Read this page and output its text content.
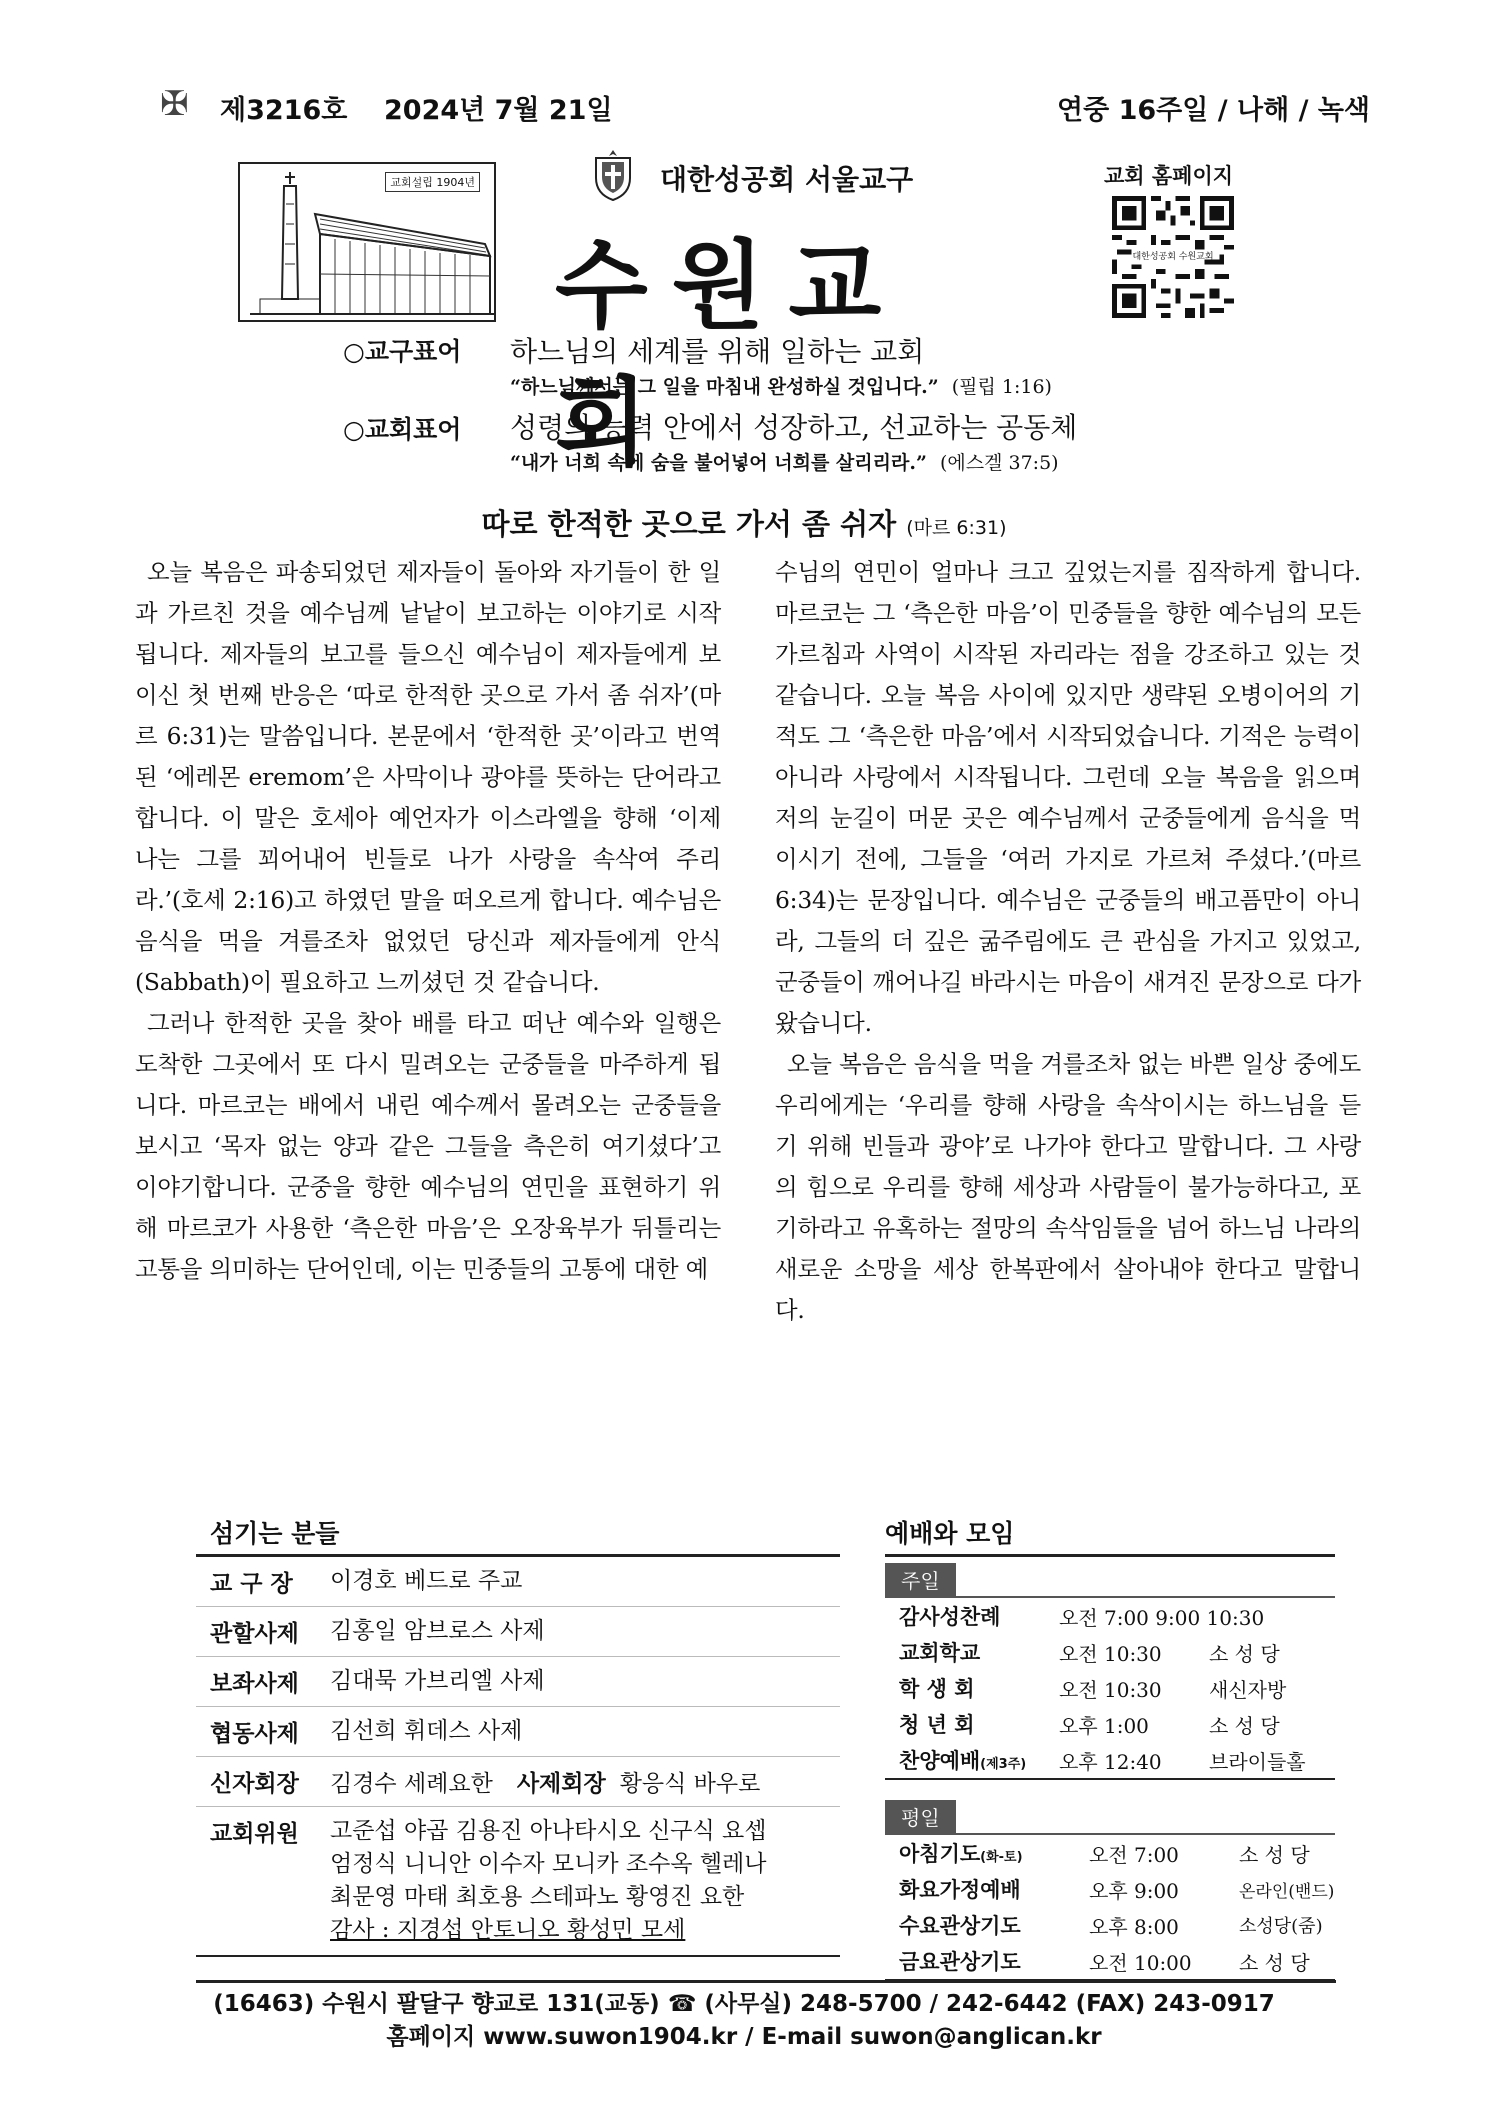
✠ 제3216호 2024년 7월 21일	연중 16주일 / 나해 / 녹색
교회설립 1904년	대한성공회 서울교구
수원교회
교회 홈페이지
대한성공회 수원교회
○교구표어 하느님의 세계를 위해 일하는 교회
“하느님께서는 그 일을 마침내 완성하실 것입니다.” (필립 1:16)
○교회표어 성령의 능력 안에서 성장하고, 선교하는 공동체
“내가 너희 속에 숨을 불어넣어 너희를 살리리라.” (에스겔 37:5)
따로 한적한 곳으로 가서 좀 쉬자 (마르 6:31)

오늘 복음은 파송되었던 제자들이 돌아와 자기들이 한 일과 가르친 것을 예수님께 낱낱이 보고하는 이야기로 시작됩니다. 제자들의 보고를 들으신 예수님이 제자들에게 보이신 첫 번째 반응은 ‘따로 한적한 곳으로 가서 좀 쉬자’(마르 6:31)는 말씀입니다. 본문에서 ‘한적한 곳’이라고 번역된 ‘에레몬 eremom’은 사막이나 광야를 뜻하는 단어라고 합니다. 이 말은 호세아 예언자가 이스라엘을 향해 ‘이제 나는 그를 꾀어내어 빈들로 나가 사랑을 속삭여 주리라.’(호세 2:16)고 하였던 말을 떠오르게 합니다. 예수님은 음식을 먹을 겨를조차 없었던 당신과 제자들에게 안식(Sabbath)이 필요하고 느끼셨던 것 같습니다.

그러나 한적한 곳을 찾아 배를 타고 떠난 예수와 일행은 도착한 그곳에서 또 다시 밀려오는 군중들을 마주하게 됩니다. 마르코는 배에서 내린 예수께서 몰려오는 군중들을 보시고 ‘목자 없는 양과 같은 그들을 측은히 여기셨다’고 이야기합니다. 군중을 향한 예수님의 연민을 표현하기 위해 마르코가 사용한 ‘측은한 마음’은 오장육부가 뒤틀리는 고통을 의미하는 단어인데, 이는 민중들의 고통에 대한 예

수님의 연민이 얼마나 크고 깊었는지를 짐작하게 합니다. 마르코는 그 ‘측은한 마음’이 민중들을 향한 예수님의 모든 가르침과 사역이 시작된 자리라는 점을 강조하고 있는 것 같습니다. 오늘 복음 사이에 있지만 생략된 오병이어의 기적도 그 ‘측은한 마음’에서 시작되었습니다. 기적은 능력이 아니라 사랑에서 시작됩니다. 그런데 오늘 복음을 읽으며 저의 눈길이 머문 곳은 예수님께서 군중들에게 음식을 먹이시기 전에, 그들을 ‘여러 가지로 가르쳐 주셨다.’(마르 6:34)는 문장입니다. 예수님은 군중들의 배고픔만이 아니라, 그들의 더 깊은 굶주림에도 큰 관심을 가지고 있었고, 군중들이 깨어나길 바라시는 마음이 새겨진 문장으로 다가왔습니다.

오늘 복음은 음식을 먹을 겨를조차 없는 바쁜 일상 중에도 우리에게는 ‘우리를 향해 사랑을 속삭이시는 하느님을 듣기 위해 빈들과 광야’로 나가야 한다고 말합니다. 그 사랑의 힘으로 우리를 향해 세상과 사람들이 불가능하다고, 포기하라고 유혹하는 절망의 속삭임들을 넘어 하느님 나라의 새로운 소망을 세상 한복판에서 살아내야 한다고 말합니다.

섬기는 분들
교 구 장	이경호 베드로 주교
관할사제	김홍일 암브로스 사제
보좌사제	김대묵 가브리엘 사제
협동사제	김선희 휘데스 사제
신자회장	김경수 세례요한 사제회장 황응식 바우로
교회위원	고준섭 야곱 김용진 아나타시오 신구식 요셉
엄정식 니니안 이수자 모니카 조수옥 헬레나
최문영 마태 최호용 스테파노 황영진 요한
감사 : 지경섭 안토니오 황성민 모세
예배와 모임
주일
감사성찬례	오전 7:00 9:00 10:30
교회학교	오전 10:30	소 성 당
학 생 회	오전 10:30	새신자방
청 년 회	오후 1:00	소 성 당
찬양예배(제3주)	오후 12:40	브라이들홀
평일
아침기도(화-토)	오전 7:00	소 성 당
화요가정예배	오후 9:00	온라인(밴드)
수요관상기도	오후 8:00	소성당(줌)
금요관상기도	오전 10:00	소 성 당
(16463) 수원시 팔달구 향교로 131(교동) ☎ (사무실) 248-5700 / 242-6442 (FAX) 243-0917
홈페이지 www.suwon1904.kr / E-mail suwon@anglican.kr
